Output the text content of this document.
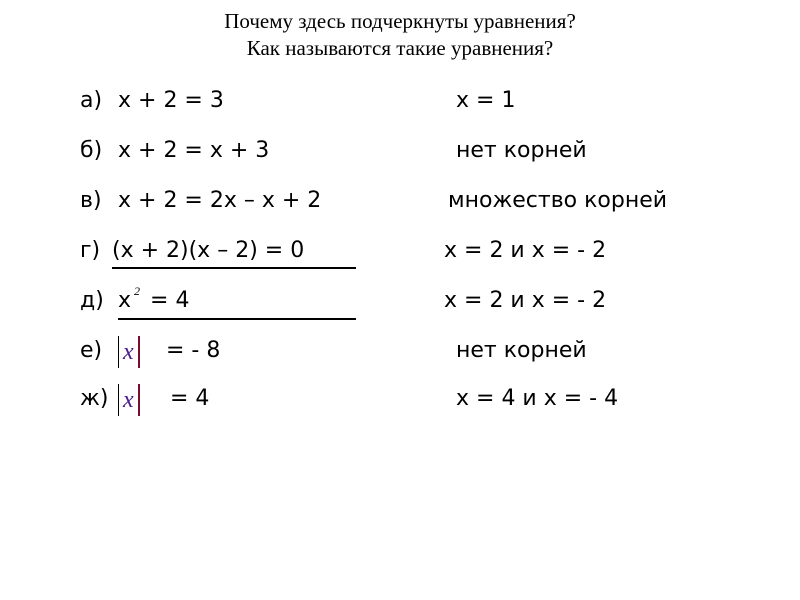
Почему здесь подчеркнуты уравнения?
Как называются такие уравнения?
а) x + 2 = 3	x = 1
б) x + 2 = x + 3	нет корней
в) x + 2 = 2x – x + 2	множество корней
г) (x + 2)(x – 2) = 0	x = 2 и x = - 2
д) x $^2$ = 4	x = 2 и x = - 2
е) x = - 8	нет корней
ж) x = 4	x = 4 и x = - 4
